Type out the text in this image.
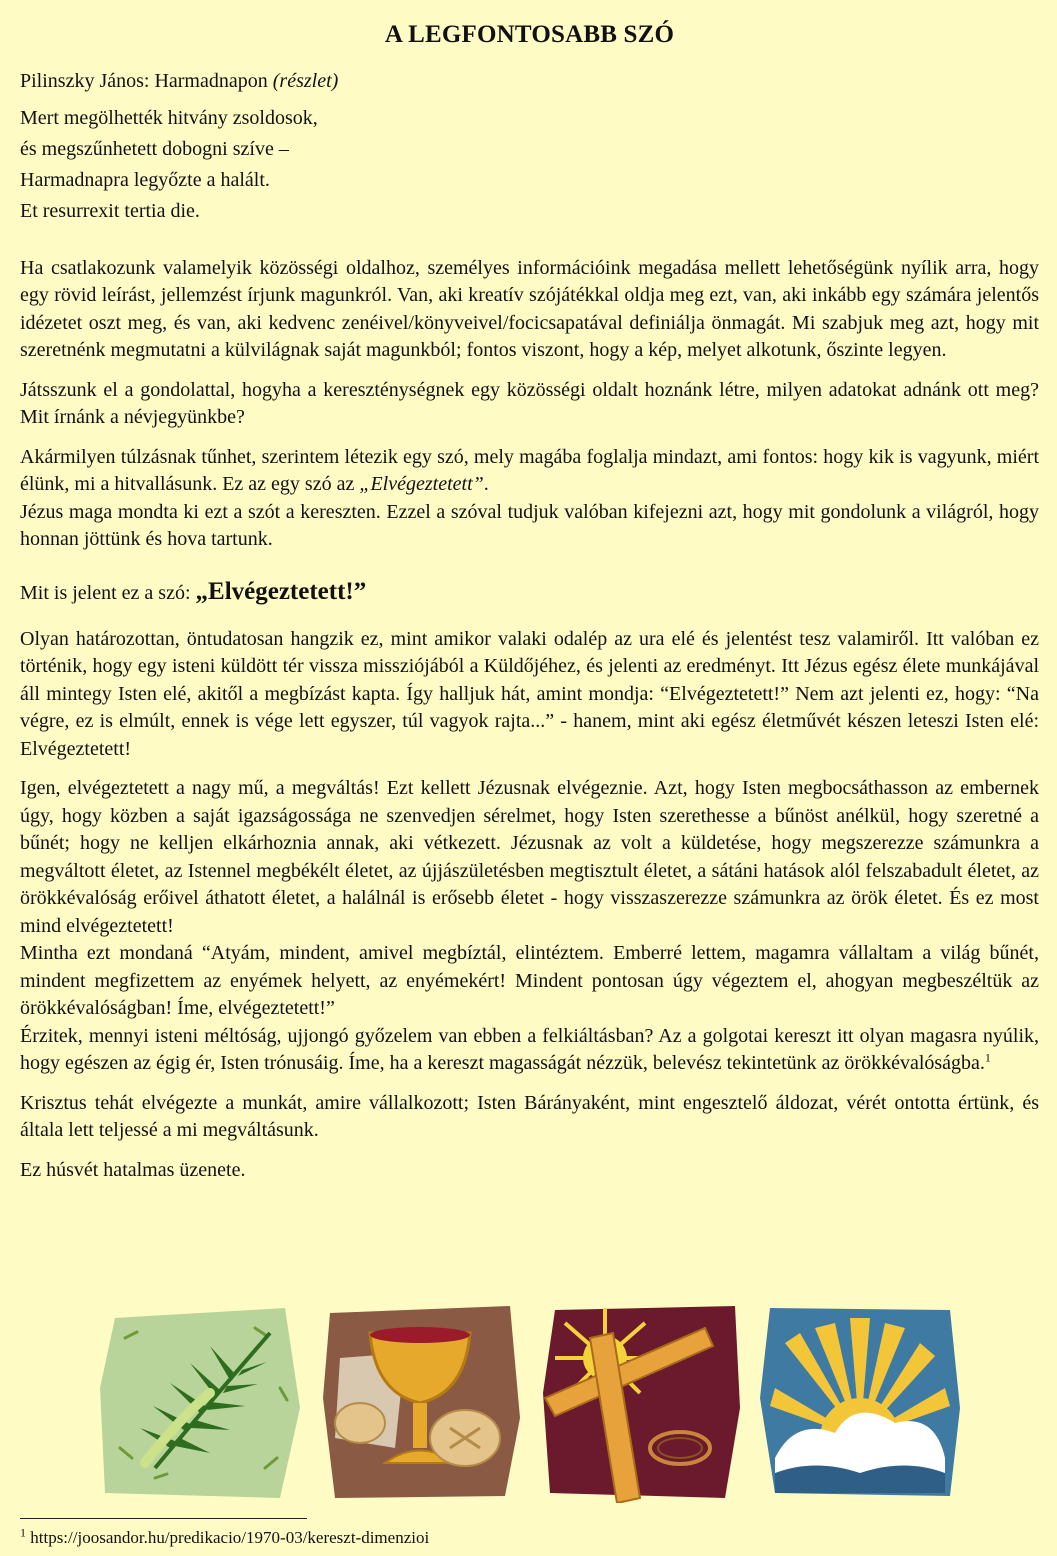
A LEGFONTOSABB SZÓ

Pilinszky János: Harmadnapon (részlet)

Mert megölhették hitvány zsoldosok,

és megszűnhetett dobogni szíve –

Harmadnapra legyőzte a halált.

Et resurrexit tertia die.

Ha csatlakozunk valamelyik közösségi oldalhoz, személyes információink megadása mellett lehetőségünk nyílik arra, hogy egy rövid leírást, jellemzést írjunk magunkról. Van, aki kreatív szójátékkal oldja meg ezt, van, aki inkább egy számára jelentős idézetet oszt meg, és van, aki kedvenc zenéivel/könyveivel/focicsapatával definiálja önmagát. Mi szabjuk meg azt, hogy mit szeretnénk megmutatni a külvilágnak saját magunkból; fontos viszont, hogy a kép, melyet alkotunk, őszinte legyen.

Játsszunk el a gondolattal, hogyha a kereszténységnek egy közösségi oldalt hoznánk létre, milyen adatokat adnánk ott meg? Mit írnánk a névjegyünkbe?

Akármilyen túlzásnak tűnhet, szerintem létezik egy szó, mely magába foglalja mindazt, ami fontos: hogy kik is vagyunk, miért élünk, mi a hitvallásunk. Ez az egy szó az „Elvégeztetett”.

Jézus maga mondta ki ezt a szót a kereszten. Ezzel a szóval tudjuk valóban kifejezni azt, hogy mit gondolunk a világról, hogy honnan jöttünk és hova tartunk.

Mit is jelent ez a szó: „Elvégeztetett!”

Olyan határozottan, öntudatosan hangzik ez, mint amikor valaki odalép az ura elé és jelentést tesz valamiről. Itt valóban ez történik, hogy egy isteni küldött tér vissza missziójából a Küldőjéhez, és jelenti az eredményt. Itt Jézus egész élete munkájával áll mintegy Isten elé, akitől a megbízást kapta. Így halljuk hát, amint mondja: “Elvégeztetett!” Nem azt jelenti ez, hogy: “Na végre, ez is elmúlt, ennek is vége lett egyszer, túl vagyok rajta...” - hanem, mint aki egész életművét készen leteszi Isten elé: Elvégeztetett!

Igen, elvégeztetett a nagy mű, a megváltás! Ezt kellett Jézusnak elvégeznie. Azt, hogy Isten megbocsáthasson az embernek úgy, hogy közben a saját igazságossága ne szenvedjen sérelmet, hogy Isten szerethesse a bűnöst anélkül, hogy szeretné a bűnét; hogy ne kelljen elkárhoznia annak, aki vétkezett. Jézusnak az volt a küldetése, hogy megszerezze számunkra a megváltott életet, az Istennel megbékélt életet, az újjászületésben megtisztult életet, a sátáni hatások alól felszabadult életet, az örökkévalóság erőivel áthatott életet, a halálnál is erősebb életet - hogy visszaszerezze számunkra az örök életet. És ez most mind elvégeztetett!

Mintha ezt mondaná “Atyám, mindent, amivel megbíztál, elintéztem. Emberré lettem, magamra vállaltam a világ bűnét, mindent megfizettem az enyémek helyett, az enyémekért! Mindent pontosan úgy végeztem el, ahogyan megbeszéltük az örökkévalóságban! Íme, elvégeztetett!”

Érzitek, mennyi isteni méltóság, ujjongó győzelem van ebben a felkiáltásban? Az a golgotai kereszt itt olyan magasra nyúlik, hogy egészen az égig ér, Isten trónusáig. Íme, ha a kereszt magasságát nézzük, belevész tekintetünk az örökkévalóságba.$^1$

Krisztus tehát elvégezte a munkát, amire vállalkozott; Isten Bárányaként, mint engesztelő áldozat, vérét ontotta értünk, és általa lett teljessé a mi megváltásunk.

Ez húsvét hatalmas üzenete.

$^1$ https://joosandor.hu/predikacio/1970-03/kereszt-dimenzioi
